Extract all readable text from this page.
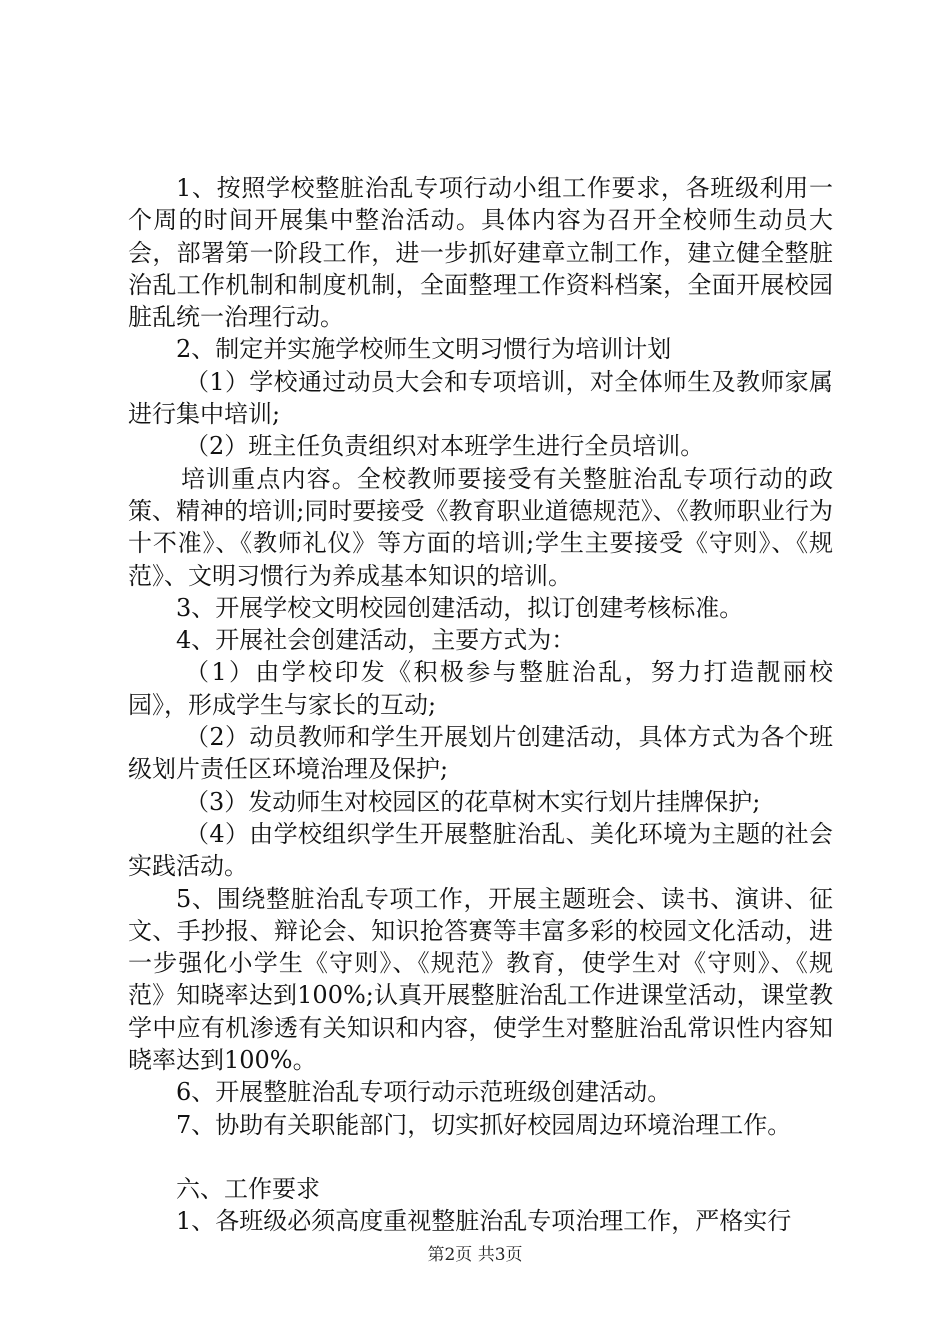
1、按照学校整脏治乱专项行动小组工作要求，各班级利用一个周的时间开展集中整治活动。具体内容为召开全校师生动员大会，部署第一阶段工作，进一步抓好建章立制工作，建立健全整脏治乱工作机制和制度机制，全面整理工作资料档案，全面开展校园脏乱统一治理行动。

2、制定并实施学校师生文明习惯行为培训计划

（1）学校通过动员大会和专项培训，对全体师生及教师家属进行集中培训;

（2）班主任负责组织对本班学生进行全员培训。

培训重点内容。全校教师要接受有关整脏治乱专项行动的政策、精神的培训;同时要接受《教育职业道德规范》、《教师职业行为十不准》、《教师礼仪》等方面的培训;学生主要接受《守则》、《规范》、文明习惯行为养成基本知识的培训。

3、开展学校文明校园创建活动，拟订创建考核标准。

4、开展社会创建活动，主要方式为：

（1）由学校印发《积极参与整脏治乱，努力打造靓丽校园》，形成学生与家长的互动;

（2）动员教师和学生开展划片创建活动，具体方式为各个班级划片责任区环境治理及保护;

（3）发动师生对校园区的花草树木实行划片挂牌保护;

（4）由学校组织学生开展整脏治乱、美化环境为主题的社会实践活动。

5、围绕整脏治乱专项工作，开展主题班会、读书、演讲、征文、手抄报、辩论会、知识抢答赛等丰富多彩的校园文化活动，进一步强化小学生《守则》、《规范》教育，使学生对《守则》、《规范》知晓率达到100%;认真开展整脏治乱工作进课堂活动，课堂教学中应有机渗透有关知识和内容，使学生对整脏治乱常识性内容知晓率达到100%。

6、开展整脏治乱专项行动示范班级创建活动。

7、协助有关职能部门，切实抓好校园周边环境治理工作。

六、工作要求

1、各班级必须高度重视整脏治乱专项治理工作，严格实行

第2页 共3页
